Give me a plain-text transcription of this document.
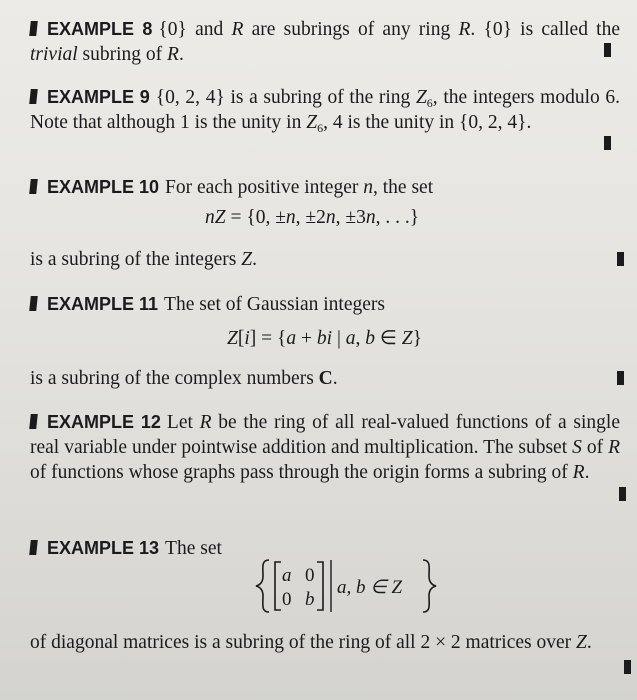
EXAMPLE 8 {0} and R are subrings of any ring R. {0} is called the trivial subring of R.

EXAMPLE 9 {0, 2, 4} is a subring of the ring $Z_6$, the integers modulo 6. Note that although 1 is the unity in $Z_6$, 4 is the unity in {0, 2, 4}.

EXAMPLE 10 For each positive integer n, the set

nZ = {0, ±n, ±2n, ±3n, . . .}

is a subring of the integers Z.

EXAMPLE 11 The set of Gaussian integers

Z[i] = {a + bi | a, b ∈ Z}

is a subring of the complex numbers C.

EXAMPLE 12 Let R be the ring of all real-valued functions of a single real variable under pointwise addition and multiplication. The subset S of R of functions whose graphs pass through the origin forms a subring of R.

EXAMPLE 13 The set

a 0
0 b
a, b ∈ Z

of diagonal matrices is a subring of the ring of all 2 × 2 matrices over Z.
